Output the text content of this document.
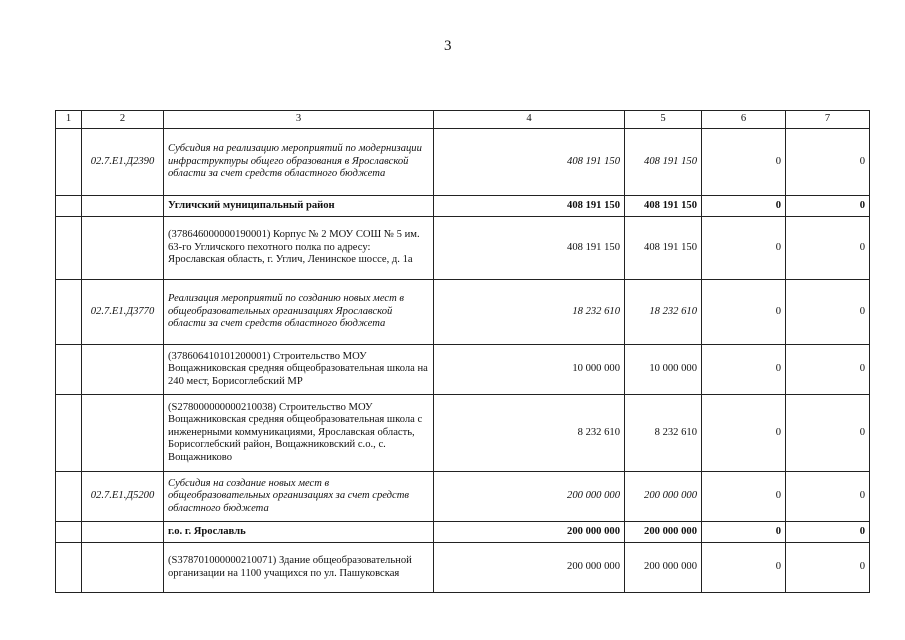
3
1	2	3	4	5	6	7
	02.7.E1.Д2390	Субсидия на реализацию мероприятий по модернизации инфраструктуры общего образования в Ярославской области за счет средств областного бюджета	408 191 150	408 191 150	0	0
		Угличский муниципальный район	408 191 150	408 191 150	0	0
		(378646000000190001) Корпус № 2 МОУ СОШ № 5 им. 63-го Угличского пехотного полка по адресу: Ярославская область, г. Углич, Ленинское шоссе, д. 1а	408 191 150	408 191 150	0	0
	02.7.E1.Д3770	Реализация мероприятий по созданию новых мест в общеобразовательных организациях Ярославской области за счет средств областного бюджета	18 232 610	18 232 610	0	0
		(378606410101200001) Строительство МОУ Вощажниковская средняя общеобразовательная школа на 240 мест, Борисоглебский МР	10 000 000	10 000 000	0	0
		(S278000000000210038) Строительство МОУ Вощажниковская средняя общеобразовательная школа с инженерными коммуникациями, Ярославская область, Борисоглебский район, Вощажниковский с.о., с. Вощажниково	8 232 610	8 232 610	0	0
	02.7.E1.Д5200	Субсидия на создание новых мест в общеобразовательных организациях за счет средств областного бюджета	200 000 000	200 000 000	0	0
		г.о. г. Ярославль	200 000 000	200 000 000	0	0
		(S378701000000210071) Здание общеобразовательной организации на 1100 учащихся по ул. Пашуковская	200 000 000	200 000 000	0	0
